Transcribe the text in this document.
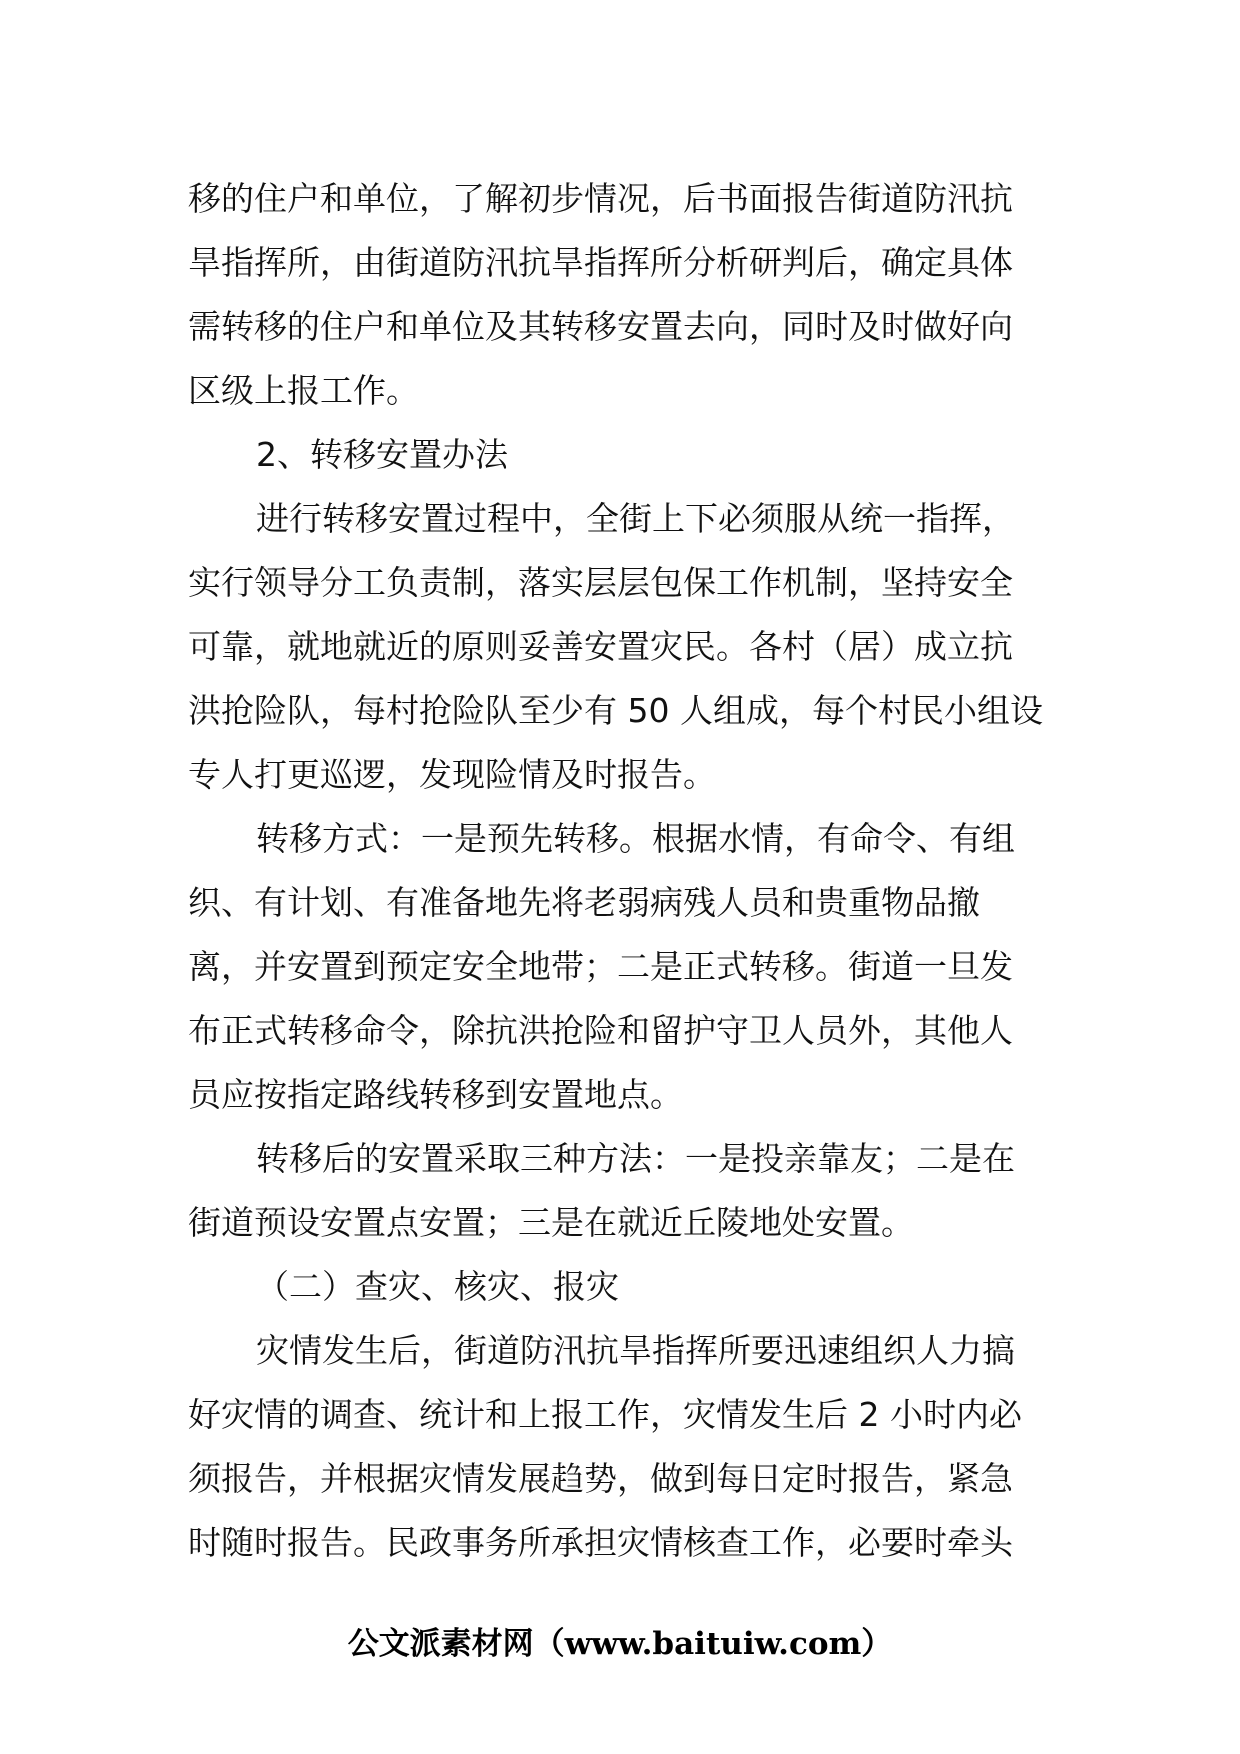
移的住户和单位，了解初步情况，后书面报告街道防汛抗
旱指挥所，由街道防汛抗旱指挥所分析研判后，确定具体
需转移的住户和单位及其转移安置去向，同时及时做好向
区级上报工作。
2、转移安置办法
进行转移安置过程中，全街上下必须服从统一指挥，
实行领导分工负责制，落实层层包保工作机制，坚持安全
可靠，就地就近的原则妥善安置灾民。各村（居）成立抗
洪抢险队，每村抢险队至少有 50 人组成，每个村民小组设
专人打更巡逻，发现险情及时报告。
转移方式：一是预先转移。根据水情，有命令、有组
织、有计划、有准备地先将老弱病残人员和贵重物品撤
离，并安置到预定安全地带；二是正式转移。街道一旦发
布正式转移命令，除抗洪抢险和留护守卫人员外，其他人
员应按指定路线转移到安置地点。
转移后的安置采取三种方法：一是投亲靠友；二是在
街道预设安置点安置；三是在就近丘陵地处安置。
（二）查灾、核灾、报灾
灾情发生后，街道防汛抗旱指挥所要迅速组织人力搞
好灾情的调查、统计和上报工作，灾情发生后 2 小时内必
须报告，并根据灾情发展趋势，做到每日定时报告，紧急
时随时报告。民政事务所承担灾情核查工作，必要时牵头
公文派素材网（www.baituiw.com）
